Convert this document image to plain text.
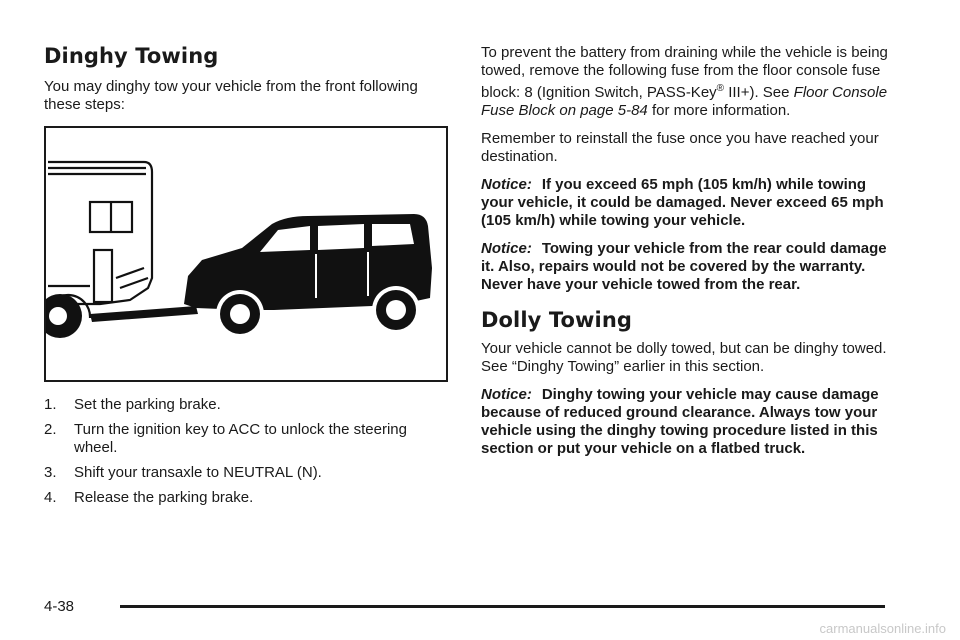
Dinghy Towing

You may dinghy tow your vehicle from the front following these steps:

1. Set the parking brake.
2. Turn the ignition key to ACC to unlock the steering wheel.
3. Shift your transaxle to NEUTRAL (N).
4. Release the parking brake.

To prevent the battery from draining while the vehicle is being towed, remove the following fuse from the floor console fuse block: 8 (Ignition Switch, PASS-Key® III+). See Floor Console Fuse Block on page 5-84 for more information.

Remember to reinstall the fuse once you have reached your destination.

Notice: If you exceed 65 mph (105 km/h) while towing your vehicle, it could be damaged. Never exceed 65 mph (105 km/h) while towing your vehicle.

Notice: Towing your vehicle from the rear could damage it. Also, repairs would not be covered by the warranty. Never have your vehicle towed from the rear.

Dolly Towing

Your vehicle cannot be dolly towed, but can be dinghy towed. See “Dinghy Towing” earlier in this section.

Notice: Dinghy towing your vehicle may cause damage because of reduced ground clearance. Always tow your vehicle using the dinghy towing procedure listed in this section or put your vehicle on a flatbed truck.

4-38
carmanualsonline.info
